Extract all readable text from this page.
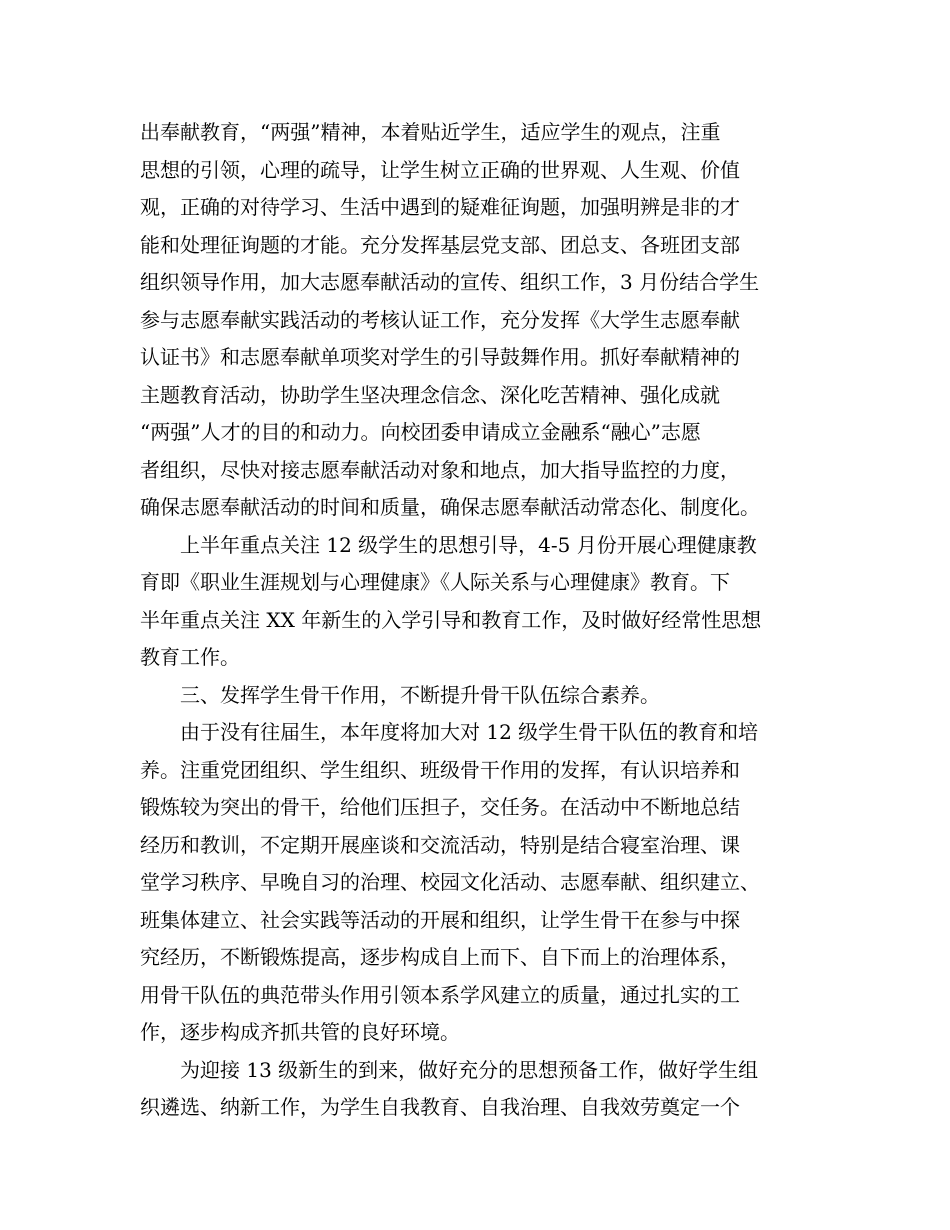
出奉献教育，“两强”精神，本着贴近学生，适应学生的观点，注重
思想的引领，心理的疏导，让学生树立正确的世界观、人生观、价值
观，正确的对待学习、生活中遇到的疑难征询题，加强明辨是非的才
能和处理征询题的才能。充分发挥基层党支部、团总支、各班团支部
组织领导作用，加大志愿奉献活动的宣传、组织工作，3 月份结合学生
参与志愿奉献实践活动的考核认证工作，充分发挥《大学生志愿奉献
认证书》和志愿奉献单项奖对学生的引导鼓舞作用。抓好奉献精神的
主题教育活动，协助学生坚决理念信念、深化吃苦精神、强化成就
“两强”人才的目的和动力。向校团委申请成立金融系“融心”志愿
者组织，尽快对接志愿奉献活动对象和地点，加大指导监控的力度，
确保志愿奉献活动的时间和质量，确保志愿奉献活动常态化、制度化。
　　上半年重点关注 12 级学生的思想引导，4-5 月份开展心理健康教
育即《职业生涯规划与心理健康》《人际关系与心理健康》教育。下
半年重点关注 XX 年新生的入学引导和教育工作，及时做好经常性思想
教育工作。
　　三、发挥学生骨干作用，不断提升骨干队伍综合素养。
　　由于没有往届生，本年度将加大对 12 级学生骨干队伍的教育和培
养。注重党团组织、学生组织、班级骨干作用的发挥，有认识培养和
锻炼较为突出的骨干，给他们压担子，交任务。在活动中不断地总结
经历和教训，不定期开展座谈和交流活动，特别是结合寝室治理、课
堂学习秩序、早晚自习的治理、校园文化活动、志愿奉献、组织建立、
班集体建立、社会实践等活动的开展和组织，让学生骨干在参与中探
究经历，不断锻炼提高，逐步构成自上而下、自下而上的治理体系，
用骨干队伍的典范带头作用引领本系学风建立的质量，通过扎实的工
作，逐步构成齐抓共管的良好环境。
　　为迎接 13 级新生的到来，做好充分的思想预备工作，做好学生组
织遴选、纳新工作，为学生自我教育、自我治理、自我效劳奠定一个
